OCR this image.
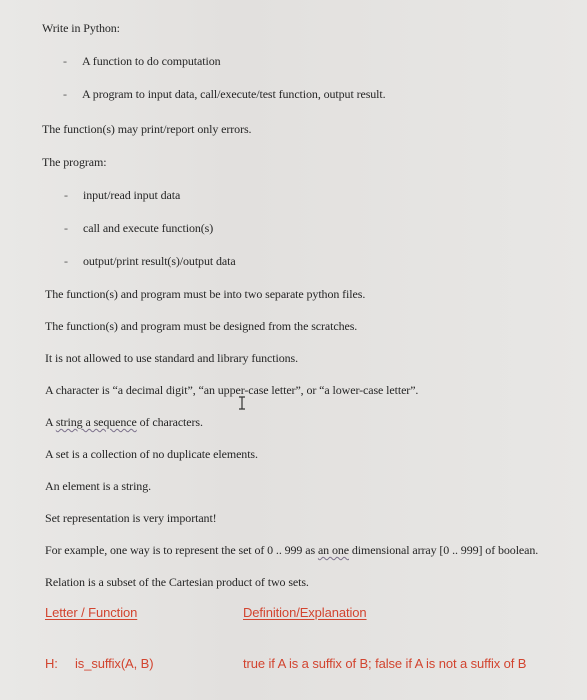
Write in Python:
- A function to do computation
- A program to input data, call/execute/test function, output result.
The function(s) may print/report only errors.
The program:
- input/read input data
- call and execute function(s)
- output/print result(s)/output data
The function(s) and program must be into two separate python files.
The function(s) and program must be designed from the scratches.
It is not allowed to use standard and library functions.
A character is “a decimal digit”, “an upper-case letter”, or “a lower-case letter”.
A string a sequence of characters.
A set is a collection of no duplicate elements.
An element is a string.
Set representation is very important!
For example, one way is to represent the set of 0 .. 999 as an one dimensional array [0 .. 999] of boolean.
Relation is a subset of the Cartesian product of two sets.
Letter / Function	Definition/Explanation
H: is_suffix(A, B)	true if A is a suffix of B; false if A is not a suffix of B
